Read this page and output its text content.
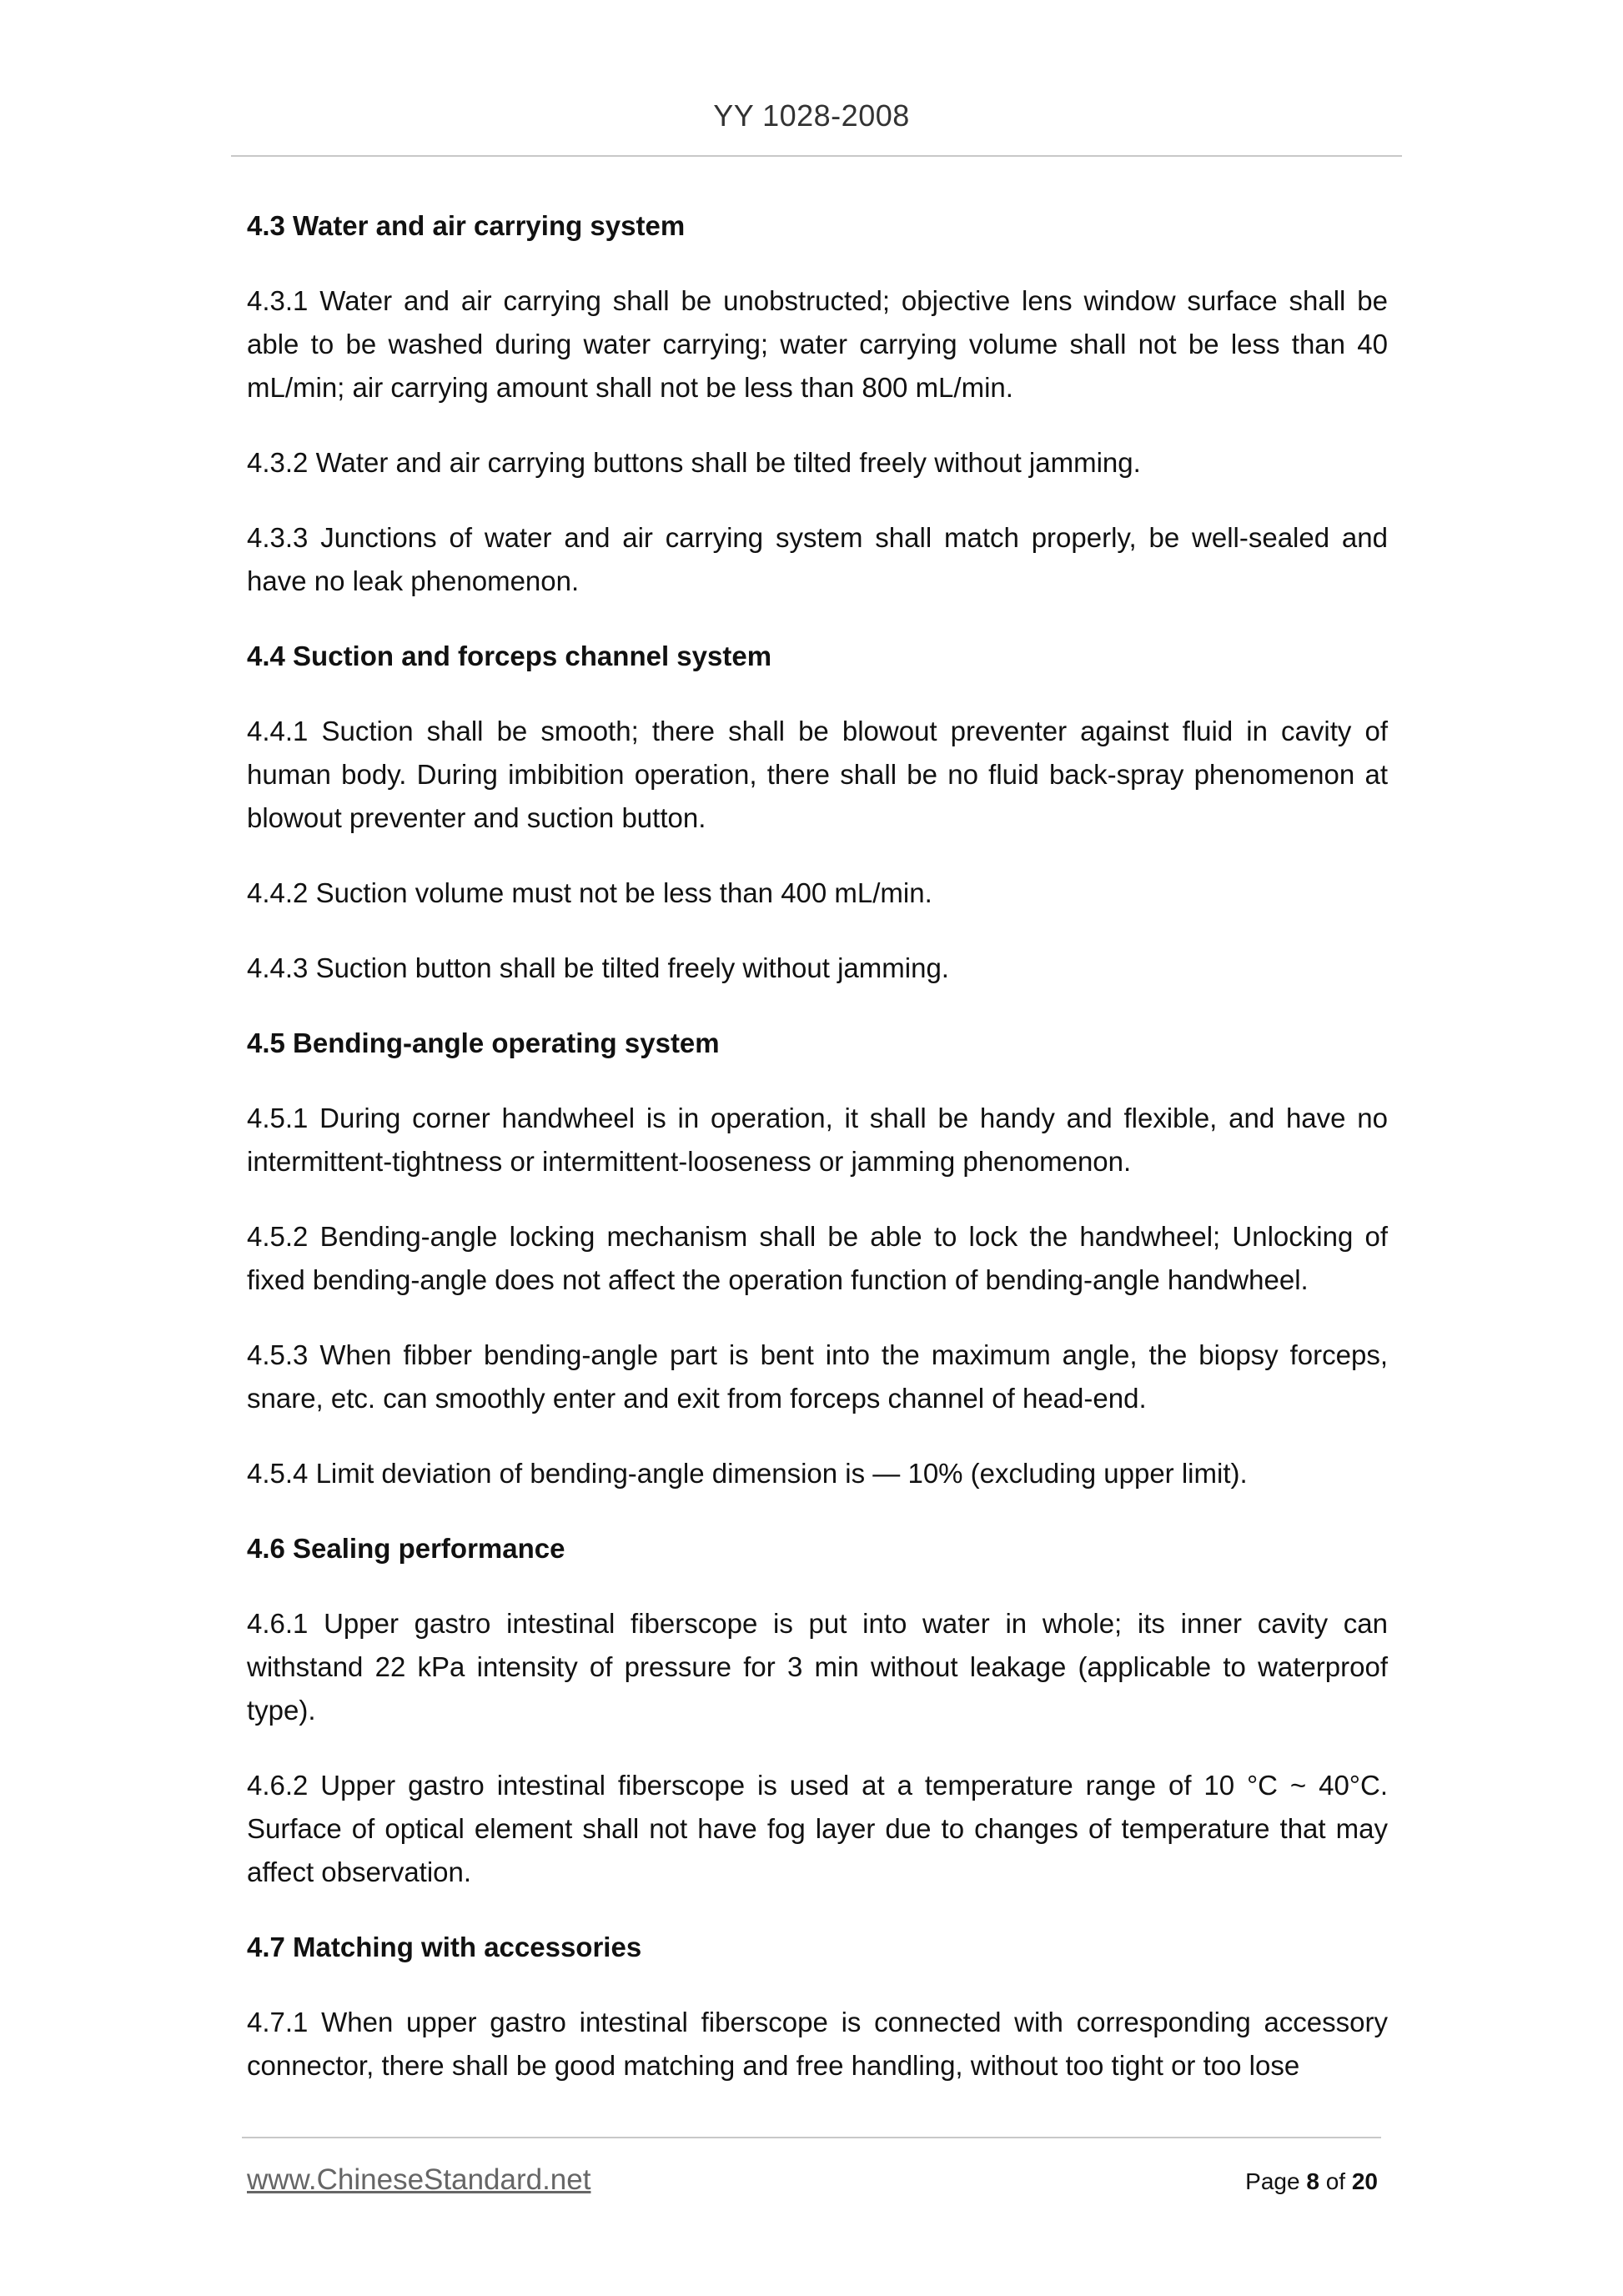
YY 1028-2008
4.3 Water and air carrying system
4.3.1 Water and air carrying shall be unobstructed; objective lens window surface shall be able to be washed during water carrying; water carrying volume shall not be less than 40 mL/min; air carrying amount shall not be less than 800 mL/min.
4.3.2 Water and air carrying buttons shall be tilted freely without jamming.
4.3.3 Junctions of water and air carrying system shall match properly, be well-sealed and have no leak phenomenon.
4.4 Suction and forceps channel system
4.4.1 Suction shall be smooth; there shall be blowout preventer against fluid in cavity of human body. During imbibition operation, there shall be no fluid back-spray phenomenon at blowout preventer and suction button.
4.4.2 Suction volume must not be less than 400 mL/min.
4.4.3 Suction button shall be tilted freely without jamming.
4.5 Bending-angle operating system
4.5.1 During corner handwheel is in operation, it shall be handy and flexible, and have no intermittent-tightness or intermittent-looseness or jamming phenomenon.
4.5.2 Bending-angle locking mechanism shall be able to lock the handwheel; Unlocking of fixed bending-angle does not affect the operation function of bending-angle handwheel.
4.5.3 When fibber bending-angle part is bent into the maximum angle, the biopsy forceps, snare, etc. can smoothly enter and exit from forceps channel of head-end.
4.5.4 Limit deviation of bending-angle dimension is — 10% (excluding upper limit).
4.6 Sealing performance
4.6.1 Upper gastro intestinal fiberscope is put into water in whole; its inner cavity can withstand 22 kPa intensity of pressure for 3 min without leakage (applicable to waterproof type).
4.6.2 Upper gastro intestinal fiberscope is used at a temperature range of 10 °C ~ 40°C. Surface of optical element shall not have fog layer due to changes of temperature that may affect observation.
4.7 Matching with accessories
4.7.1 When upper gastro intestinal fiberscope is connected with corresponding accessory connector, there shall be good matching and free handling, without too tight or too lose
www.ChineseStandard.net	Page 8 of 20
